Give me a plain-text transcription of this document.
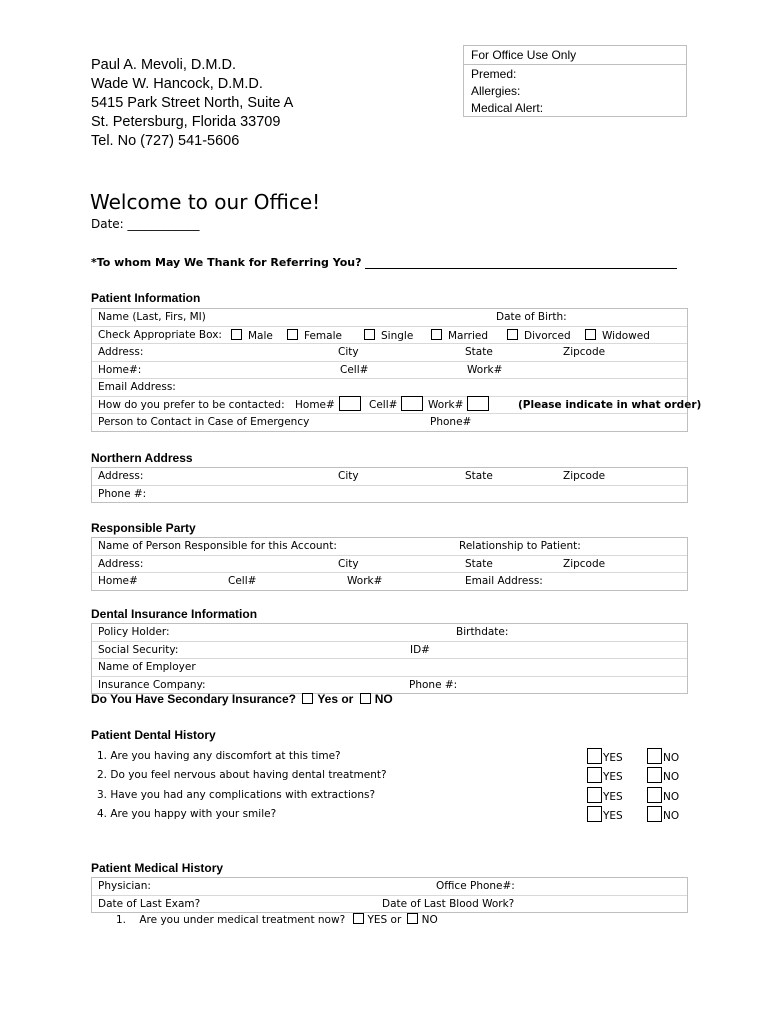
Paul A. Mevoli, D.M.D.
Wade W. Hancock, D.M.D.
5415 Park Street North, Suite A
St. Petersburg, Florida 33709
Tel. No (727) 541-5606
For Office Use Only
Premed:
Allergies:
Medical Alert:
Welcome to our Office!
Date: ____________
*To whom May We Thank for Referring You?
Patient Information
Name (Last, Firs, MI)	Date of Birth:
Check Appropriate Box:	Male	Female	Single	Married	Divorced	Widowed
Address:	City	State	Zipcode
Home#:	Cell#	Work#
Email Address:
How do you prefer to be contacted: Home#	Cell#	Work#	(Please indicate in what order)
Person to Contact in Case of Emergency	Phone#
Northern Address
Address:	City	State	Zipcode
Phone #:
Responsible Party
Name of Person Responsible for this Account:	Relationship to Patient:
Address:	City	State	Zipcode
Home#	Cell#	Work#	Email Address:
Dental Insurance Information
Policy Holder:	Birthdate:
Social Security:	ID#
Name of Employer
Insurance Company:	Phone #:
Do You Have Secondary Insurance? Yes or NO
Patient Dental History
1. Are you having any discomfort at this time?	YES	NO
2. Do you feel nervous about having dental treatment?	YES	NO
3. Have you had any complications with extractions?	YES	NO
4. Are you happy with your smile?	YES	NO
Patient Medical History
Physician:	Office Phone#:
Date of Last Exam?	Date of Last Blood Work?
1. Are you under medical treatment now? YES or NO
